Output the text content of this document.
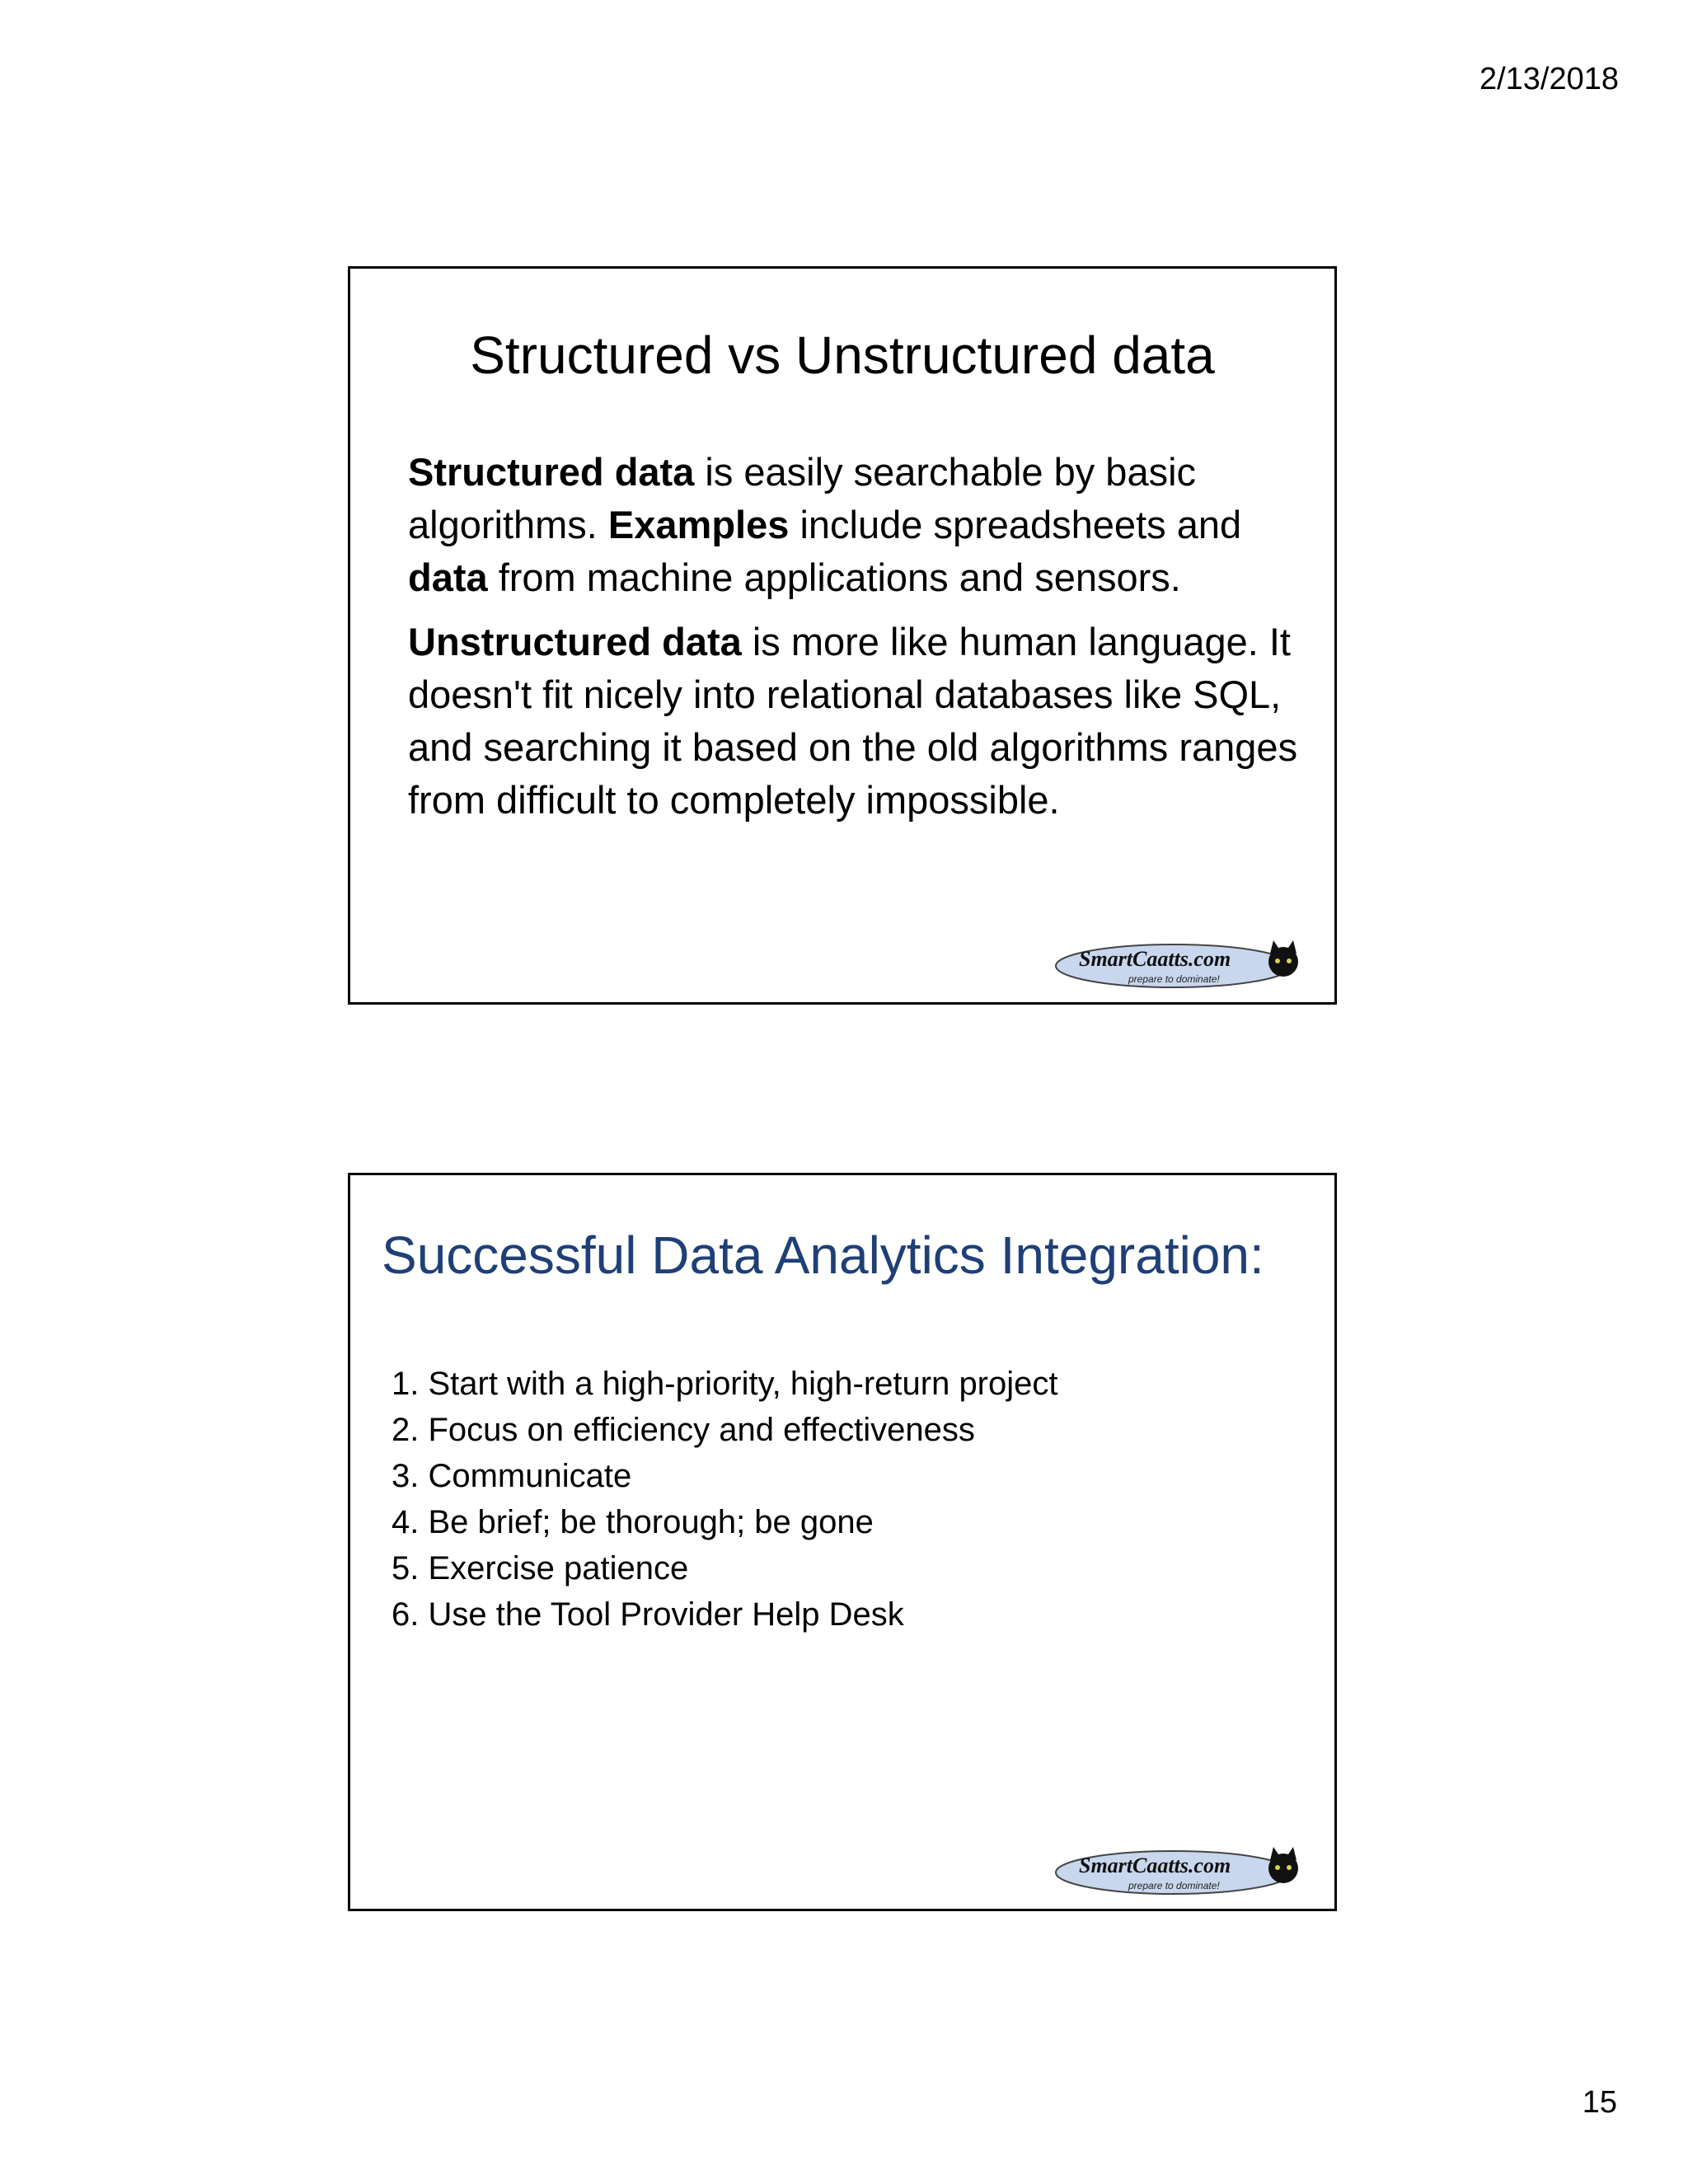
2/13/2018
Structured vs Unstructured data

Structured data is easily searchable by basic algorithms. Examples include spreadsheets and data from machine applications and sensors.

Unstructured data is more like human language. It doesn't fit nicely into relational databases like SQL, and searching it based on the old algorithms ranges from difficult to completely impossible.

SmartCaatts.com
prepare to dominate!
Successful Data Analytics Integration:
1. Start with a high-priority, high-return project
2. Focus on efficiency and effectiveness
3. Communicate
4. Be brief; be thorough; be gone
5. Exercise patience
6. Use the Tool Provider Help Desk
SmartCaatts.com
prepare to dominate!
15
